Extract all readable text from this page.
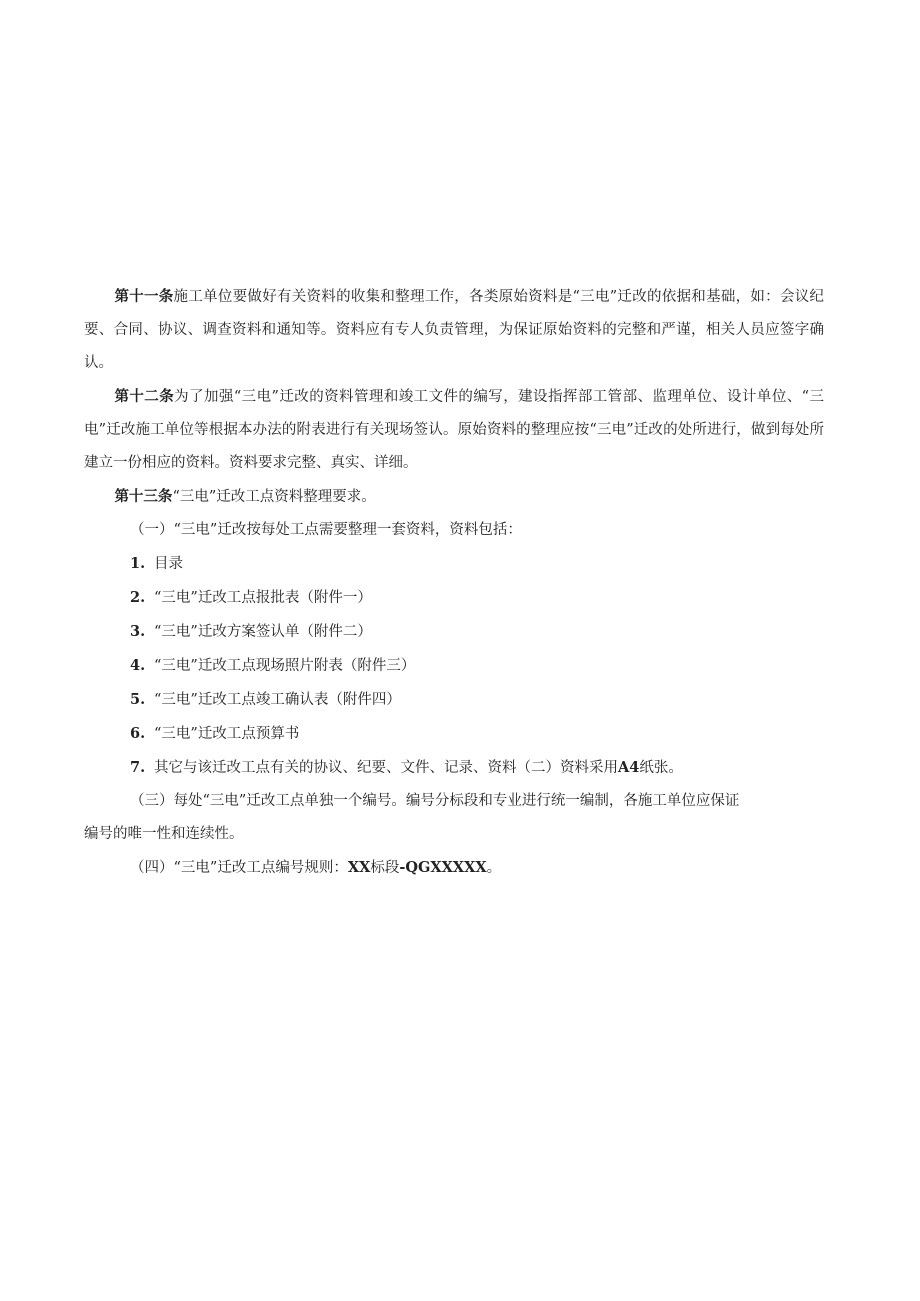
第十一条施工单位要做好有关资料的收集和整理工作，各类原始资料是“三电”迁改的依据和基础，如：会议纪要、合同、协议、调查资料和通知等。资料应有专人负责管理，为保证原始资料的完整和严谨，相关人员应签字确认。

第十二条为了加强“三电”迁改的资料管理和竣工文件的编写，建设指挥部工管部、监理单位、设计单位、“三电”迁改施工单位等根据本办法的附表进行有关现场签认。原始资料的整理应按“三电”迁改的处所进行，做到每处所建立一份相应的资料。资料要求完整、真实、详细。

第十三条“三电”迁改工点资料整理要求。

（一）“三电”迁改按每处工点需要整理一套资料，资料包括：

1. 目录

2. “三电”迁改工点报批表（附件一）

3. “三电”迁改方案签认单（附件二）

4. “三电”迁改工点现场照片附表（附件三）

5. “三电”迁改工点竣工确认表（附件四）

6. “三电”迁改工点预算书

7. 其它与该迁改工点有关的协议、纪要、文件、记录、资料（二）资料采用A4纸张。

（三）每处“三电”迁改工点单独一个编号。编号分标段和专业进行统一编制，各施工单位应保证

编号的唯一性和连续性。

（四）“三电”迁改工点编号规则：XX标段-QGXXXXX。
